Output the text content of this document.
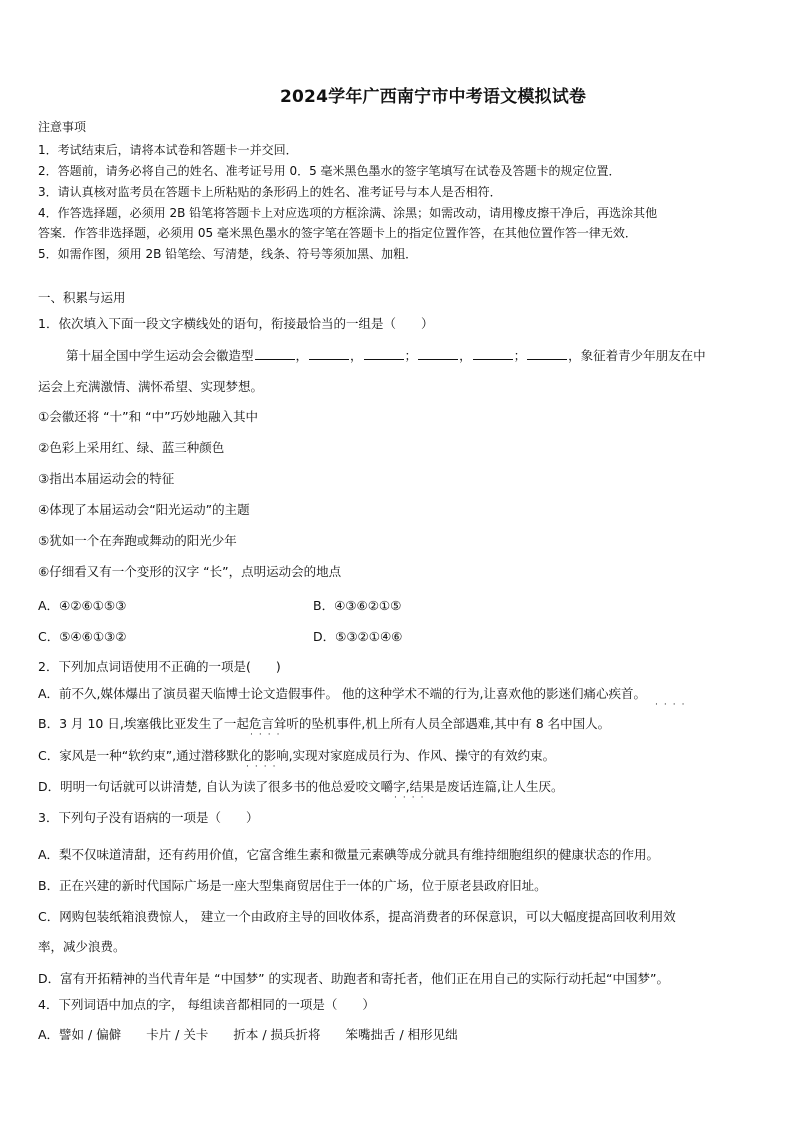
2024学年广西南宁市中考语文模拟试卷
注意事项
1．考试结束后，请将本试卷和答题卡一并交回．
2．答题前，请务必将自己的姓名、准考证号用 0．5 毫米黑色墨水的签字笔填写在试卷及答题卡的规定位置．
3．请认真核对监考员在答题卡上所粘贴的条形码上的姓名、准考证号与本人是否相符．
4．作答选择题，必须用 2B 铅笔将答题卡上对应选项的方框涂满、涂黑；如需改动，请用橡皮擦干净后，再选涂其他
答案．作答非选择题，必须用 05 毫米黑色墨水的签字笔在答题卡上的指定位置作答，在其他位置作答一律无效．
5．如需作图，须用 2B 铅笔绘、写清楚，线条、符号等须加黑、加粗．
一、积累与运用
1．依次填入下面一段文字横线处的语句，衔接最恰当的一组是（　　）
第十届全国中学生运动会会徽造型	，	，	；	，	；	，象征着青少年朋友在中
运会上充满激情、满怀希望、实现梦想。
①会徽还将 “十”和 “中”巧妙地融入其中
②色彩上采用红、绿、蓝三种颜色
③指出本届运动会的特征
④体现了本届运动会“阳光运动”的主题
⑤犹如一个在奔跑或舞动的阳光少年
⑥仔细看又有一个变形的汉字 “长”，点明运动会的地点
A．④②⑥①⑤③	B．④③⑥②①⑤
C．⑤④⑥①③②	D．⑤③②①④⑥
2．下列加点词语使用不正确的一项是(　　)
A．前不久,媒体爆出了演员翟天临博士论文造假事件。 他的这种学术不端的行为,让喜欢他的影迷们痛心疾首。
B．3 月 10 日,埃塞俄比亚发生了一起危言耸听的坠机事件,机上所有人员全部遇难,其中有 8 名中国人。
C．家风是一种“软约束”,通过潜移默化的影响,实现对家庭成员行为、作风、操守的有效约束。
D．明明一句话就可以讲清楚, 自认为读了很多书的他总爱咬文嚼字,结果是废话连篇,让人生厌。
····
····
····
····
3．下列句子没有语病的一项是（　　）
A．梨不仅味道清甜，还有药用价值，它富含维生素和微量元素碘等成分就具有维持细胞组织的健康状态的作用。
B．正在兴建的新时代国际广场是一座大型集商贸居住于一体的广场，位于原老县政府旧址。
C．网购包装纸箱浪费惊人， 建立一个由政府主导的回收体系，提高消费者的环保意识，可以大幅度提高回收利用效
率，减少浪费。
D．富有开拓精神的当代青年是 “中国梦” 的实现者、助跑者和寄托者，他们正在用自己的实际行动托起“中国梦”。
4．下列词语中加点的字， 每组读音都相同的一项是（　　）
A．譬如 / 偏僻　　卡片 / 关卡　　折本 / 损兵折将　　笨嘴拙舌 / 相形见绌
